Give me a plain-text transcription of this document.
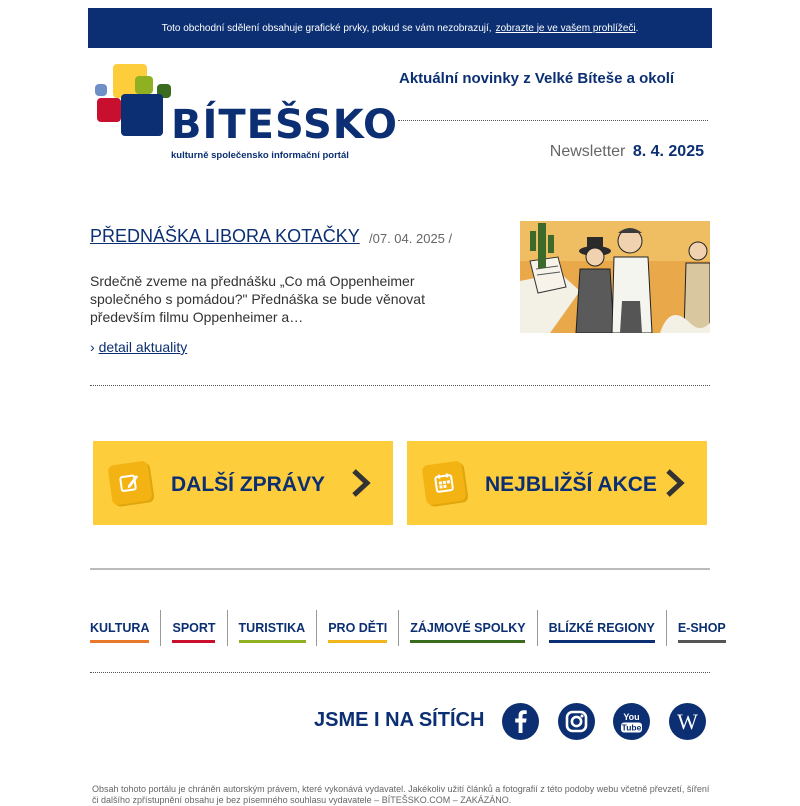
Toto obchodní sdělení obsahuje grafické prvky, pokud se vám nezobrazují, zobrazte je ve vašem prohlížeči .
BÍTEŠSKO
kulturně společensko informační portál
Aktuální novinky z Velké Bíteše a okolí
Newsletter 8. 4. 2025
PŘEDNÁŠKA LIBORA KOTAČKY /07. 04. 2025 /
Srdečně zveme na přednášku „Co má Oppenheimer společného s pomádou?" Přednáška se bude věnovat především filmu Oppenheimer a…
› detail aktuality
DALŠÍ ZPRÁVY	NEJBLIŽŠÍ AKCE
KULTURA SPORT TURISTIKA PRO DĚTI ZÁJMOVÉ SPOLKY BLÍZKÉ REGIONY E-SHOP
JSME I NA SÍTÍCH	You
Tube W
Obsah tohoto portálu je chráněn autorským právem, které vykonává vydavatel. Jakékoliv užití článků a fotografií z této podoby webu včetně převzetí, šíření či dalšího zpřístupnění obsahu je bez písemného souhlasu vydavatele – BÍTEŠSKO.COM – ZAKÁZÁNO.
